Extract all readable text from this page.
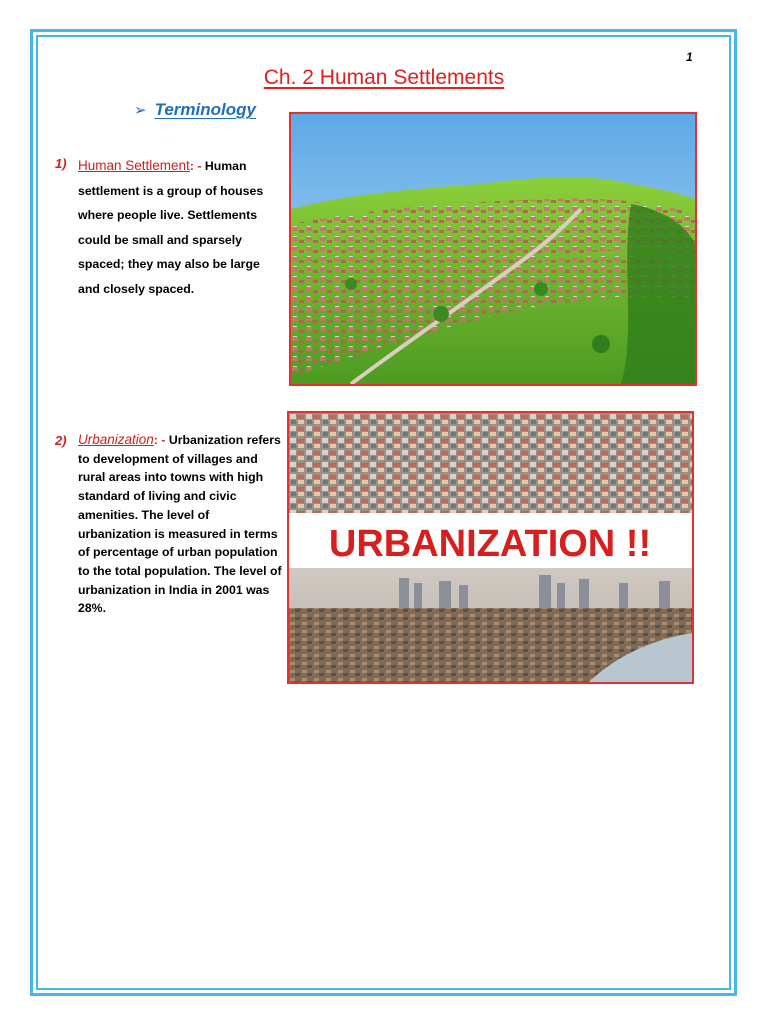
1
Ch. 2 Human Settlements
➢ Terminology
1) Human Settlement: - Human settlement is a group of houses where people live. Settlements could be small and sparsely spaced; they may also be large and closely spaced.
2) Urbanization: - Urbanization refers to development of villages and rural areas into towns with high standard of living and civic amenities. The level of urbanization is measured in terms of percentage of urban population to the total population. The level of urbanization in India in 2001 was 28%.
URBANIZATION !!
